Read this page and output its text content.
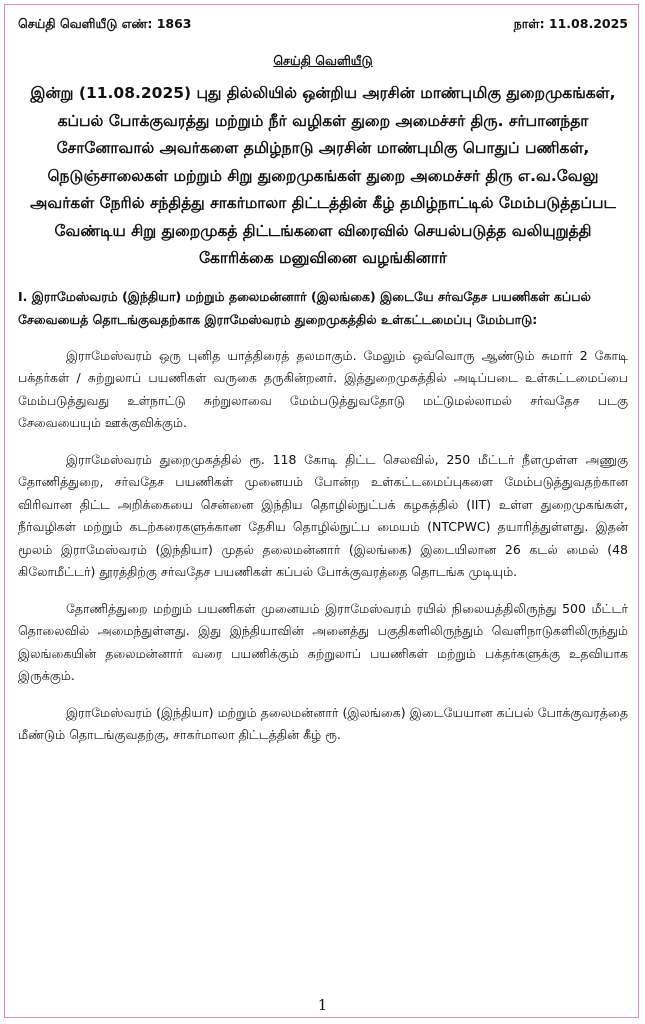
செய்தி வெளியீடு எண்: 1863	நாள்: 11.08.2025
செய்தி வெளியீடு
இன்று (11.08.2025) புது தில்லியில் ஒன்றிய அரசின் மாண்புமிகு துறைமுகங்கள், கப்பல் போக்குவரத்து மற்றும் நீர் வழிகள் துறை அமைச்சர் திரு. சர்பானந்தா சோனோவால் அவர்களை தமிழ்நாடு அரசின் மாண்புமிகு பொதுப் பணிகள், நெடுஞ்சாலைகள் மற்றும் சிறு துறைமுகங்கள் துறை அமைச்சர் திரு எ.வ.வேலு அவர்கள் நேரில் சந்தித்து சாகர்மாலா திட்டத்தின் கீழ் தமிழ்நாட்டில் மேம்படுத்தப்பட வேண்டிய சிறு துறைமுகத் திட்டங்களை விரைவில் செயல்படுத்த வலியுறுத்தி கோரிக்கை மனுவினை வழங்கினார்
I. இராமேஸ்வரம் (இந்தியா) மற்றும் தலைமன்னார் (இலங்கை) இடையே சர்வதேச பயணிகள் கப்பல் சேவையைத் தொடங்குவதற்காக இராமேஸ்வரம் துறைமுகத்தில் உள்கட்டமைப்பு மேம்பாடு:

இராமேஸ்வரம் ஒரு புனித யாத்திரைத் தலமாகும். மேலும் ஒவ்வொரு ஆண்டும் சுமார் 2 கோடி பக்தர்கள் / சுற்றுலாப் பயணிகள் வருகை தருகின்றனர். இத்துறைமுகத்தில் அடிப்படை உள்கட்டமைப்பை மேம்படுத்துவது உள்நாட்டு சுற்றுலாவை மேம்படுத்துவதோடு மட்டுமல்லாமல் சர்வதேச படகு சேவையையும் ஊக்குவிக்கும்.

இராமேஸ்வரம் துறைமுகத்தில் ரூ. 118 கோடி திட்ட செலவில், 250 மீட்டர் நீளமுள்ள அணுகு தோணித்துறை, சர்வதேச பயணிகள் முனையம் போன்ற உள்கட்டமைப்புகளை மேம்படுத்துவதற்கான விரிவான திட்ட அறிக்கையை சென்னை இந்திய தொழில்நுட்பக் கழகத்தில் (IIT) உள்ள துறைமுகங்கள், நீர்வழிகள் மற்றும் கடற்கரைகளுக்கான தேசிய தொழில்நுட்ப மையம் (NTCPWC) தயாரித்துள்ளது. இதன் மூலம் இராமேஸ்வரம் (இந்தியா) முதல் தலைமன்னார் (இலங்கை) இடையிலான 26 கடல் மைல் (48 கிலோமீட்டர்) தூரத்திற்கு சர்வதேச பயணிகள் கப்பல் போக்குவரத்தை தொடங்க முடியும்.

தோணித்துறை மற்றும் பயணிகள் முனையம் இராமேஸ்வரம் ரயில் நிலையத்திலிருந்து 500 மீட்டர் தொலைவில் அமைந்துள்ளது. இது இந்தியாவின் அனைத்து பகுதிகளிலிருந்தும் வெளிநாடுகளிலிருந்தும் இலங்கையின் தலைமன்னார் வரை பயணிக்கும் சுற்றுலாப் பயணிகள் மற்றும் பக்தர்களுக்கு உதவியாக இருக்கும்.

இராமேஸ்வரம் (இந்தியா) மற்றும் தலைமன்னார் (இலங்கை) இடையேயான கப்பல் போக்குவரத்தை மீண்டும் தொடங்குவதற்கு, சாகர்மாலா திட்டத்தின் கீழ் ரூ.

1
